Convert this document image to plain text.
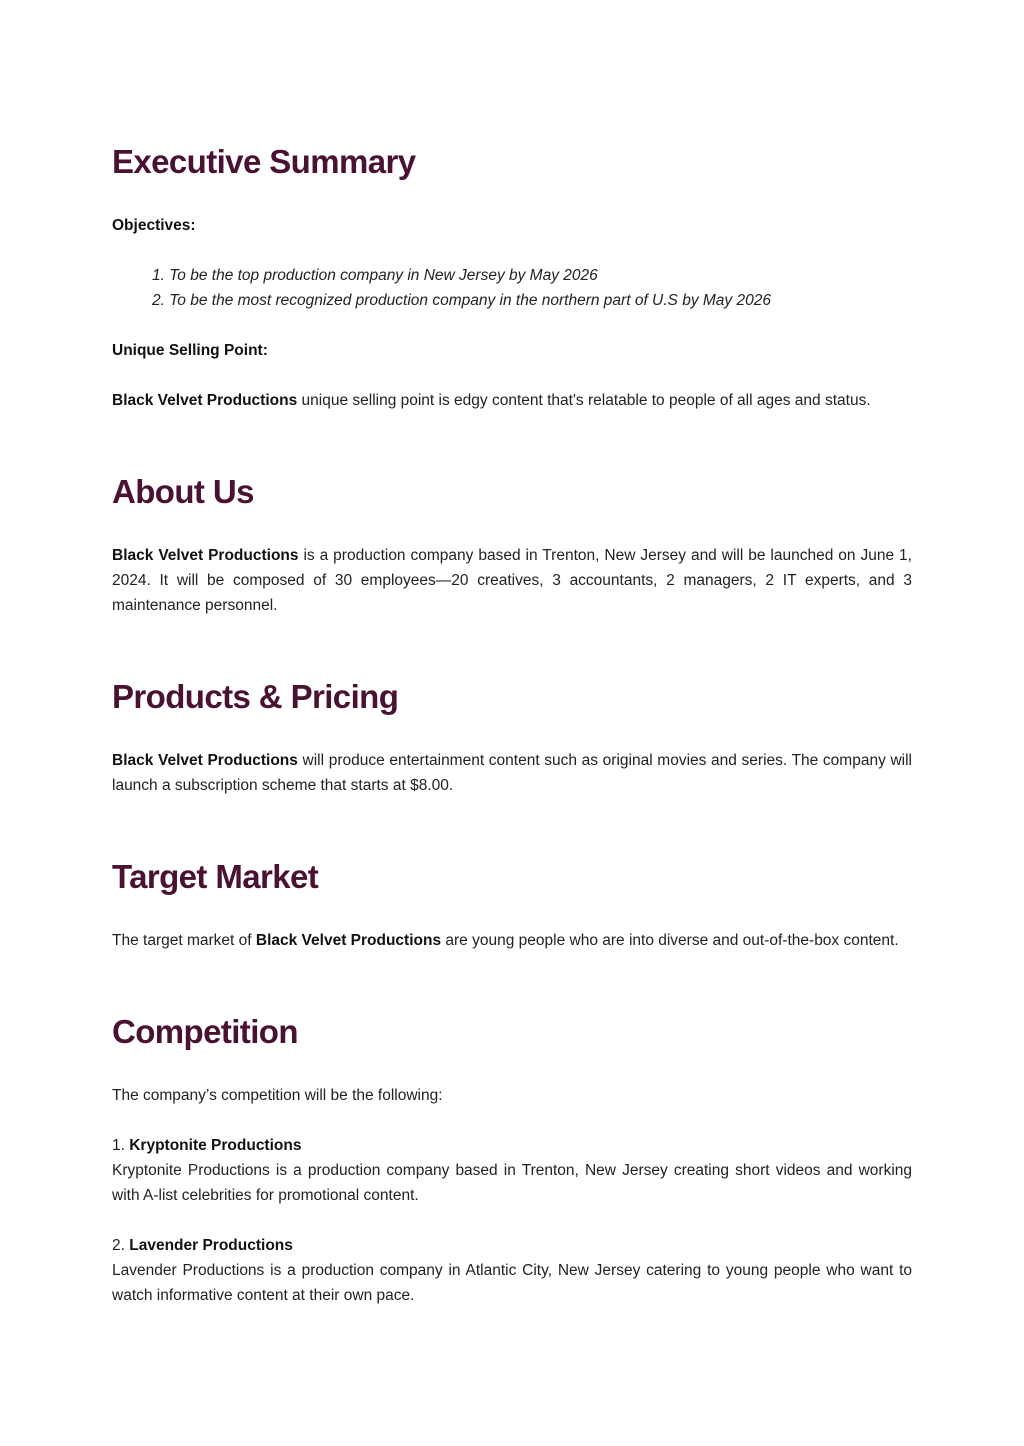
Executive Summary

Objectives:

1. To be the top production company in New Jersey by May 2026
2. To be the most recognized production company in the northern part of U.S by May 2026

Unique Selling Point:

Black Velvet Productions unique selling point is edgy content that's relatable to people of all ages and status.

About Us

Black Velvet Productions is a production company based in Trenton, New Jersey and will be launched on June 1, 2024. It will be composed of 30 employees—20 creatives, 3 accountants, 2 managers, 2 IT experts, and 3 maintenance personnel.

Products & Pricing

Black Velvet Productions will produce entertainment content such as original movies and series. The company will launch a subscription scheme that starts at $8.00.

Target Market

The target market of Black Velvet Productions are young people who are into diverse and out-of-the-box content.

Competition

The company’s competition will be the following:

1. Kryptonite Productions

Kryptonite Productions is a production company based in Trenton, New Jersey creating short videos and working with A-list celebrities for promotional content.

2. Lavender Productions

Lavender Productions is a production company in Atlantic City, New Jersey catering to young people who want to watch informative content at their own pace.
